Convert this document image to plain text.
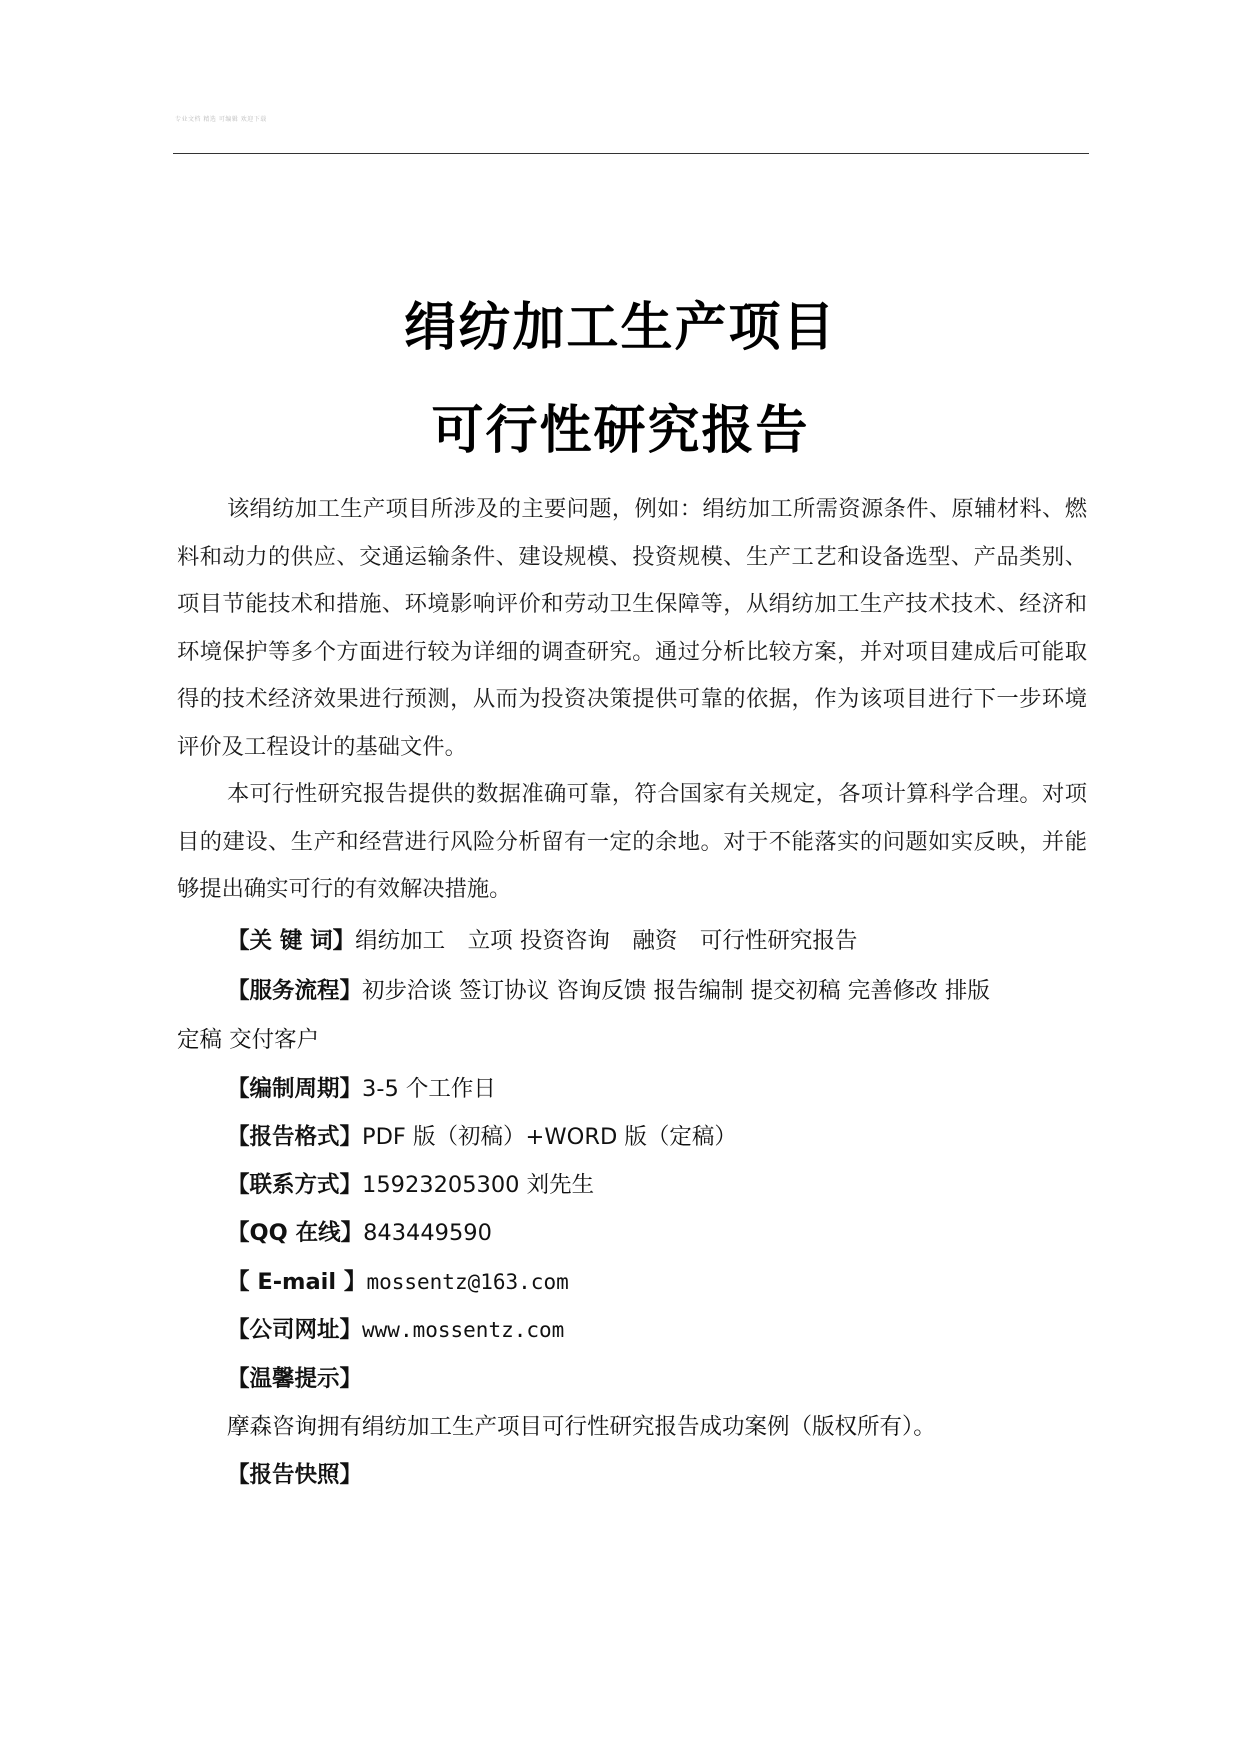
专业文档 精选 可编辑 欢迎下载
绢纺加工生产项目
可行性研究报告

该绢纺加工生产项目所涉及的主要问题，例如：绢纺加工所需资源条件、原辅材料、燃料和动力的供应、交通运输条件、建设规模、投资规模、生产工艺和设备选型、产品类别、项目节能技术和措施、环境影响评价和劳动卫生保障等，从绢纺加工生产技术技术、经济和环境保护等多个方面进行较为详细的调查研究。通过分析比较方案，并对项目建成后可能取得的技术经济效果进行预测，从而为投资决策提供可靠的依据，作为该项目进行下一步环境评价及工程设计的基础文件。

本可行性研究报告提供的数据准确可靠，符合国家有关规定，各项计算科学合理。对项目的建设、生产和经营进行风险分析留有一定的余地。对于不能落实的问题如实反映，并能够提出确实可行的有效解决措施。

【关 键 词】绢纺加工　立项 投资咨询　融资　可行性研究报告
【服务流程】初步洽谈 签订协议 咨询反馈 报告编制 提交初稿 完善修改 排版
定稿 交付客户
【编制周期】3-5 个工作日
【报告格式】PDF 版（初稿）+WORD 版（定稿）
【联系方式】15923205300 刘先生
【QQ 在线】843449590
【 E-mail 】mossentz@163.com
【公司网址】www.mossentz.com
【温馨提示】
摩森咨询拥有绢纺加工生产项目可行性研究报告成功案例（版权所有）。
【报告快照】
